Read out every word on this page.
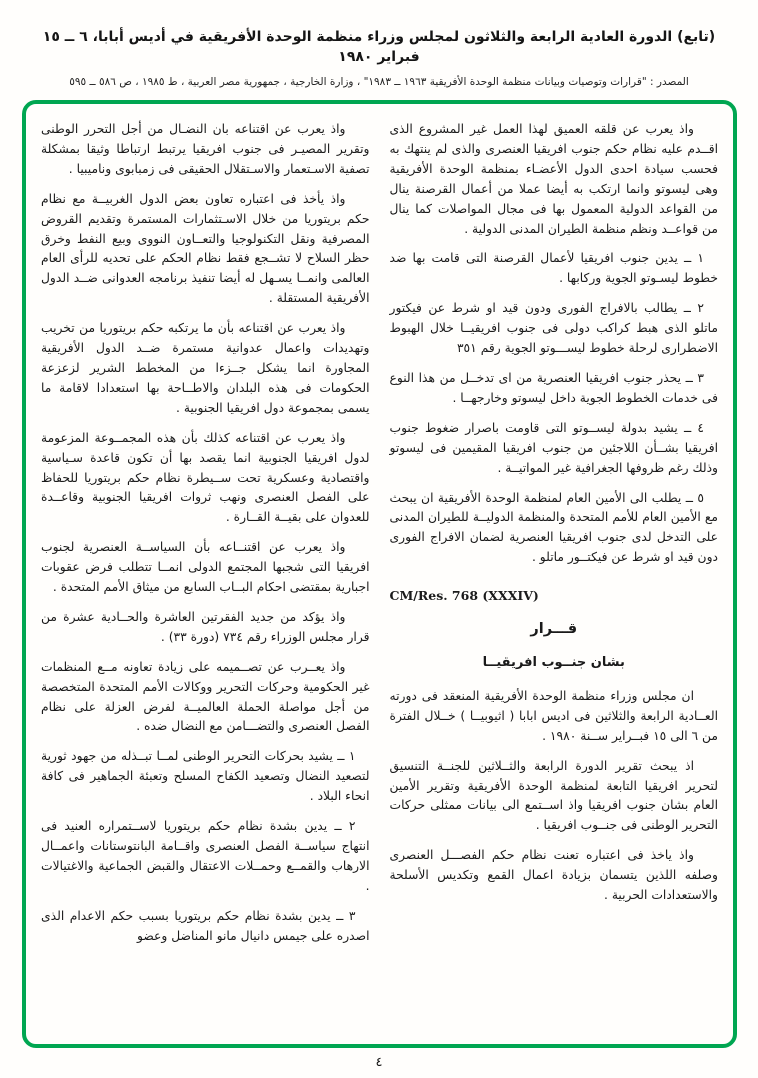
(تابع) الدورة العادية الرابعة والثلاثون لمجلس وزراء منظمة الوحدة الأفريقية في أديس أبابا، ٦ ــ ١٥ فبراير ١٩٨٠
المصدر : "قرارات وتوصيات وبيانات منظمة الوحدة الأفريقية ١٩٦٣ ــ ١٩٨٣" ، وزارة الخارجية ، جمهورية مصر العربية ، ط ١٩٨٥ ، ص ٥٨٦ ــ ٥٩٥

واذ يعرب عن قلقه العميق لهذا العمل غير المشروع الذى اقــدم عليه نظام حكم جنوب افريقيا العنصرى والذى لم ينتهك به فحسب سيادة احدى الدول الأعضـاء بمنظمة الوحدة الأفريقية وهى ليسوتو وانما ارتكب به أيضا عملا من أعمال القرصنة ينال من القواعد الدولية المعمول بها فى مجال المواصلات كما ينال من قواعــد ونظم منظمة الطيران المدنى الدولية .

١ ــ يدين جنوب افريقيا لأعمال القرصنة التى قامت بها ضد خطوط ليسـوتو الجوية وركابها .

٢ ــ يطالب بالافراج الفورى ودون قيد او شرط عن فيكتور ماتلو الذى هبط كراكب دولى فى جنوب افريقيــا خلال الهبوط الاضطرارى لرحلة خطوط ليســـوتو الجوية رقم ٣٥١

٣ ــ يحذر جنوب افريقيا العنصرية من اى تدخــل من هذا النوع فى خدمات الخطوط الجوية داخل ليسوتو وخارجهــا .

٤ ــ يشيد بدولة ليســوتو التى قاومت باصرار ضغوط جنوب افريقيا بشــأن اللاجئين من جنوب افريقيا المقيمين فى ليسوتو وذلك رغم ظروفها الجغرافية غير المواتيــة .

٥ ــ يطلب الى الأمين العام لمنظمة الوحدة الأفريقية ان يبحث مع الأمين العام للأمم المتحدة والمنظمة الدوليــة للطيران المدنى على التدخل لدى جنوب افريقيا العنصرية لضمان الافراج الفورى دون قيد او شرط عن فيكتــور ماتلو .

CM/Res. 768 (XXXIV)
قـــرار
بشان جنــوب افريقيــا

ان مجلس وزراء منظمة الوحدة الأفريقية المنعقد فى دورته العــادية الرابعة والثلاثين فى اديس ابابا ( اثيوبيــا ) خــلال الفترة من ٦ الى ١٥ فبــراير ســنة ١٩٨٠ .

اذ يبحث تقرير الدورة الرابعة والثــلاثين للجنــة التنسيق لتحرير افريقيا التابعة لمنظمة الوحدة الأفريقية وتقرير الأمين العام بشان جنوب افريقيا واذ اســتمع الى بيانات ممثلى حركات التحرير الوطنى فى جنــوب افريقيا .

واذ ياخذ فى اعتباره تعنت نظام حكم الفصـــل العنصرى وصلفه اللذين يتسمان بزيادة اعمال القمع وتكديس الأسلحة والاستعدادات الحربية .

واذ يعرب عن اقتناعه بان النضـال من أجل التحرر الوطنى وتقرير المصيـر فى جنوب افريقيا يرتبط ارتباطا وثيقا بمشكلة تصفية الاسـتعمار والاسـتقلال الحقيقى فى زمبابوى وناميبيا .

واذ يأخذ فى اعتباره تعاون بعض الدول الغربيــة مع نظام حكم بريتوريا من خلال الاسـتثمارات المستمرة وتقديم القروض المصرفية ونقل التكنولوجيا والتعــاون النووى وبيع النفط وخرق حظر السلاح لا تشــجع فقط نظام الحكم على تحديه للرأى العام العالمى وانمــا يسـهل له أيضا تنفيذ برنامجه العدوانى ضــد الدول الأفريقية المستقلة .

واذ يعرب عن اقتناعه بأن ما يرتكبه حكم بريتوريا من تخريب وتهديدات واعمال عدوانية مستمرة ضــد الدول الأفريقية المجاورة انما يشكل جــزءا من المخطط الشرير لزعزعة الحكومات فى هذه البلدان والاطــاحة بها استعدادا لاقامة ما يسمى بمجموعة دول افريقيا الجنوبية .

واذ يعرب عن اقتناعه كذلك بأن هذه المجمــوعة المزعومة لدول افريقيا الجنوبية انما يقصد بها أن تكون قاعدة سـياسية واقتصادية وعسكرية تحت ســيطرة نظام حكم بريتوريا للحفاظ على الفصل العنصرى ونهب ثروات افريقيا الجنوبية وقاعــدة للعدوان على بقيــة القــارة .

واذ يعرب عن اقتنــاعه بأن السياســة العنصرية لجنوب افريقيا التى شجبها المجتمع الدولى انمــا تتطلب فرض عقوبات اجبارية بمقتضى احكام البــاب السابع من ميثاق الأمم المتحدة .

واذ يؤكد من جديد الفقرتين العاشرة والحــادية عشرة من قرار مجلس الوزراء رقم ٧٣٤ (دورة ٣٣) .

واذ يعــرب عن تصــميمه على زيادة تعاونه مــع المنظمات غير الحكومية وحركات التحرير ووكالات الأمم المتحدة المتخصصة من أجل مواصلة الحملة العالميــة لفرض العزلة على نظام الفصل العنصرى والتضـــامن مع النضال ضده .

١ ــ يشيد بحركات التحرير الوطنى لمــا تبــذله من جهود ثورية لتصعيد النضال وتصعيد الكفاح المسلح وتعبئة الجماهير فى كافة انحاء البلاد .

٢ ــ يدين بشدة نظام حكم بريتوريا لاســتمراره العنيد فى انتهاج سياســة الفصل العنصرى واقــامة البانتوستانات واعمــال الارهاب والقمــع وحمــلات الاعتقال والقبض الجماعية والاغتيالات .

٣ ــ يدين بشدة نظام حكم بريتوريا بسبب حكم الاعدام الذى اصدره على جيمس دانيال مانو المناضل وعضو

٤
